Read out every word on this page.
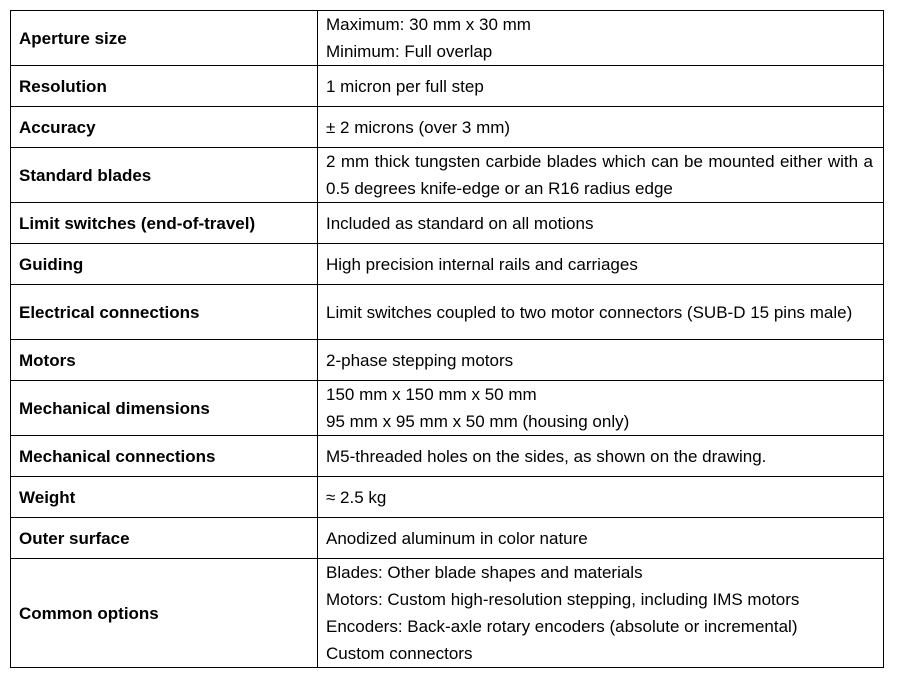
Aperture size	Maximum: 30 mm x 30 mm
Minimum: Full overlap

Resolution	1 micron per full step

Accuracy	± 2 microns (over 3 mm)

Standard blades	2 mm thick tungsten carbide blades which can be mounted either with a 0.5 degrees knife-edge or an R16 radius edge
Limit switches (end-of-travel)	Included as standard on all motions

Guiding	High precision internal rails and carriages

Electrical connections	Limit switches coupled to two motor connectors (SUB-D 15 pins male)
Motors	2-phase stepping motors

Mechanical dimensions	150 mm x 150 mm x 50 mm
95 mm x 95 mm x 50 mm (housing only)

Mechanical connections	M5-threaded holes on the sides, as shown on the drawing.

Weight	≈ 2.5 kg

Outer surface	Anodized aluminum in color nature

Common options	Blades: Other blade shapes and materials
Motors: Custom high-resolution stepping, including IMS motors
Encoders: Back-axle rotary encoders (absolute or incremental)
Custom connectors
